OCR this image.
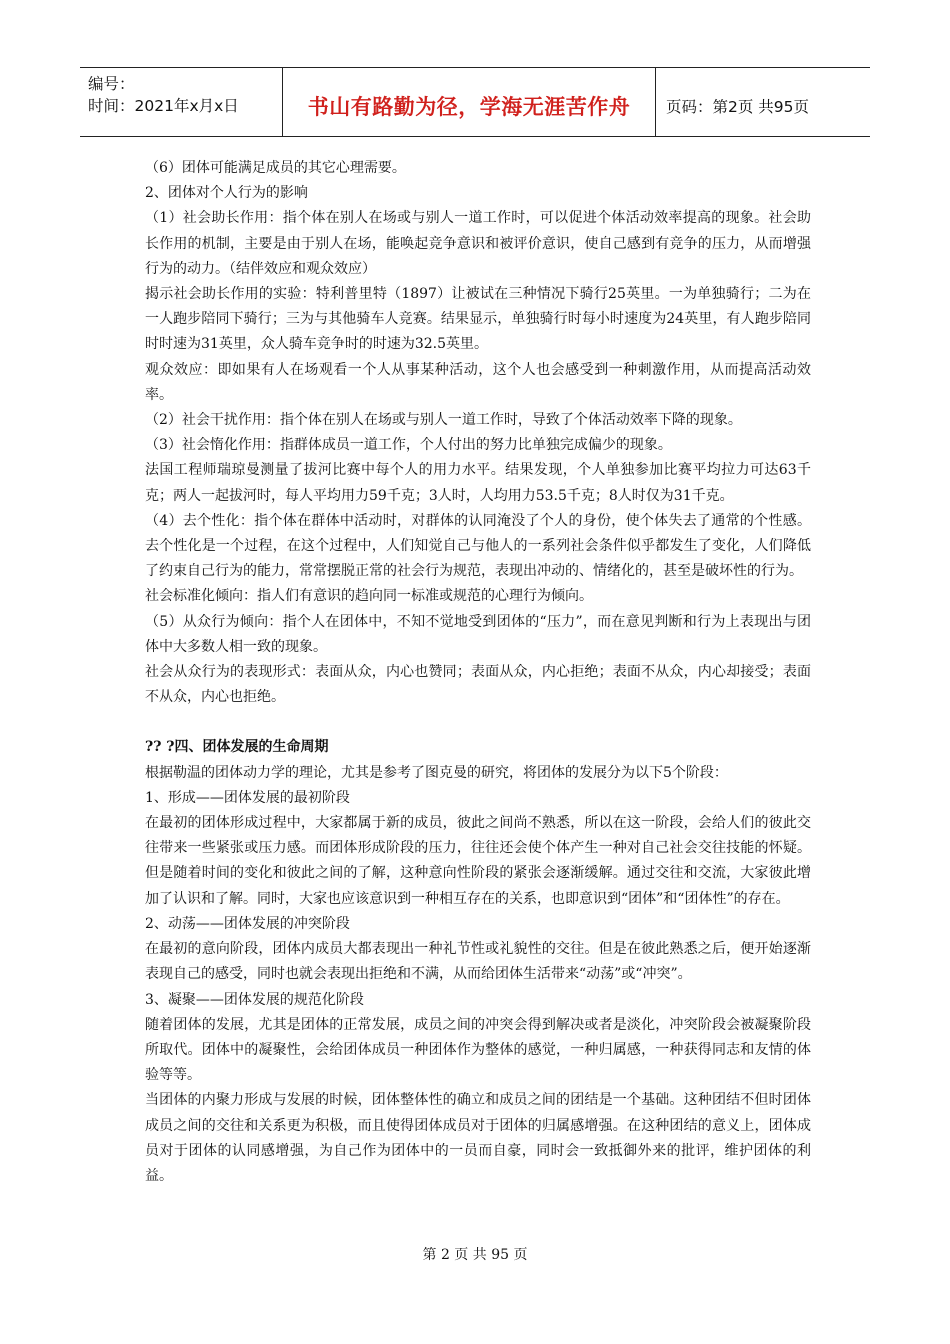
编号：
时间：2021年x月x日	书山有路勤为径，学海无涯苦作舟	页码：第2页 共95页

（6）团体可能满足成员的其它心理需要。

2、团体对个人行为的影响

（1）社会助长作用：指个体在别人在场或与别人一道工作时，可以促进个体活动效率提高的现象。社会助长作用的机制，主要是由于别人在场，能唤起竞争意识和被评价意识，使自己感到有竞争的压力，从而增强行为的动力。（结伴效应和观众效应）

揭示社会助长作用的实验：特利普里特（1897）让被试在三种情况下骑行25英里。一为单独骑行；二为在一人跑步陪同下骑行；三为与其他骑车人竞赛。结果显示，单独骑行时每小时速度为24英里，有人跑步陪同时时速为31英里，众人骑车竞争时的时速为32.5英里。

观众效应：即如果有人在场观看一个人从事某种活动，这个人也会感受到一种刺激作用，从而提高活动效率。

（2）社会干扰作用：指个体在别人在场或与别人一道工作时，导致了个体活动效率下降的现象。

（3）社会惰化作用：指群体成员一道工作，个人付出的努力比单独完成偏少的现象。

法国工程师瑞琼曼测量了拔河比赛中每个人的用力水平。结果发现，个人单独参加比赛平均拉力可达63千克；两人一起拔河时，每人平均用力59千克；3人时，人均用力53.5千克；8人时仅为31千克。

（4）去个性化：指个体在群体中活动时，对群体的认同淹没了个人的身份，使个体失去了通常的个性感。去个性化是一个过程，在这个过程中，人们知觉自己与他人的一系列社会条件似乎都发生了变化，人们降低了约束自己行为的能力，常常摆脱正常的社会行为规范，表现出冲动的、情绪化的，甚至是破坏性的行为。

社会标准化倾向：指人们有意识的趋向同一标准或规范的心理行为倾向。

（5）从众行为倾向：指个人在团体中，不知不觉地受到团体的“压力”，而在意见判断和行为上表现出与团体中大多数人相一致的现象。

社会从众行为的表现形式：表面从众，内心也赞同；表面从众，内心拒绝；表面不从众，内心却接受；表面不从众，内心也拒绝。

?? ?四、团体发展的生命周期

根据勒温的团体动力学的理论，尤其是参考了图克曼的研究，将团体的发展分为以下5个阶段：

1、形成——团体发展的最初阶段

在最初的团体形成过程中，大家都属于新的成员，彼此之间尚不熟悉，所以在这一阶段，会给人们的彼此交往带来一些紧张或压力感。而团体形成阶段的压力，往往还会使个体产生一种对自己社会交往技能的怀疑。但是随着时间的变化和彼此之间的了解，这种意向性阶段的紧张会逐渐缓解。通过交往和交流，大家彼此增加了认识和了解。同时，大家也应该意识到一种相互存在的关系，也即意识到“团体”和“团体性”的存在。

2、动荡——团体发展的冲突阶段

在最初的意向阶段，团体内成员大都表现出一种礼节性或礼貌性的交往。但是在彼此熟悉之后，便开始逐渐表现自己的感受，同时也就会表现出拒绝和不满，从而给团体生活带来“动荡”或“冲突”。

3、凝聚——团体发展的规范化阶段

随着团体的发展，尤其是团体的正常发展，成员之间的冲突会得到解决或者是淡化，冲突阶段会被凝聚阶段所取代。团体中的凝聚性，会给团体成员一种团体作为整体的感觉，一种归属感，一种获得同志和友情的体验等等。

当团体的内聚力形成与发展的时候，团体整体性的确立和成员之间的团结是一个基础。这种团结不但时团体成员之间的交往和关系更为积极，而且使得团体成员对于团体的归属感增强。在这种团结的意义上，团体成员对于团体的认同感增强，为自己作为团体中的一员而自豪，同时会一致抵御外来的批评，维护团体的利益。

第 2 页 共 95 页
